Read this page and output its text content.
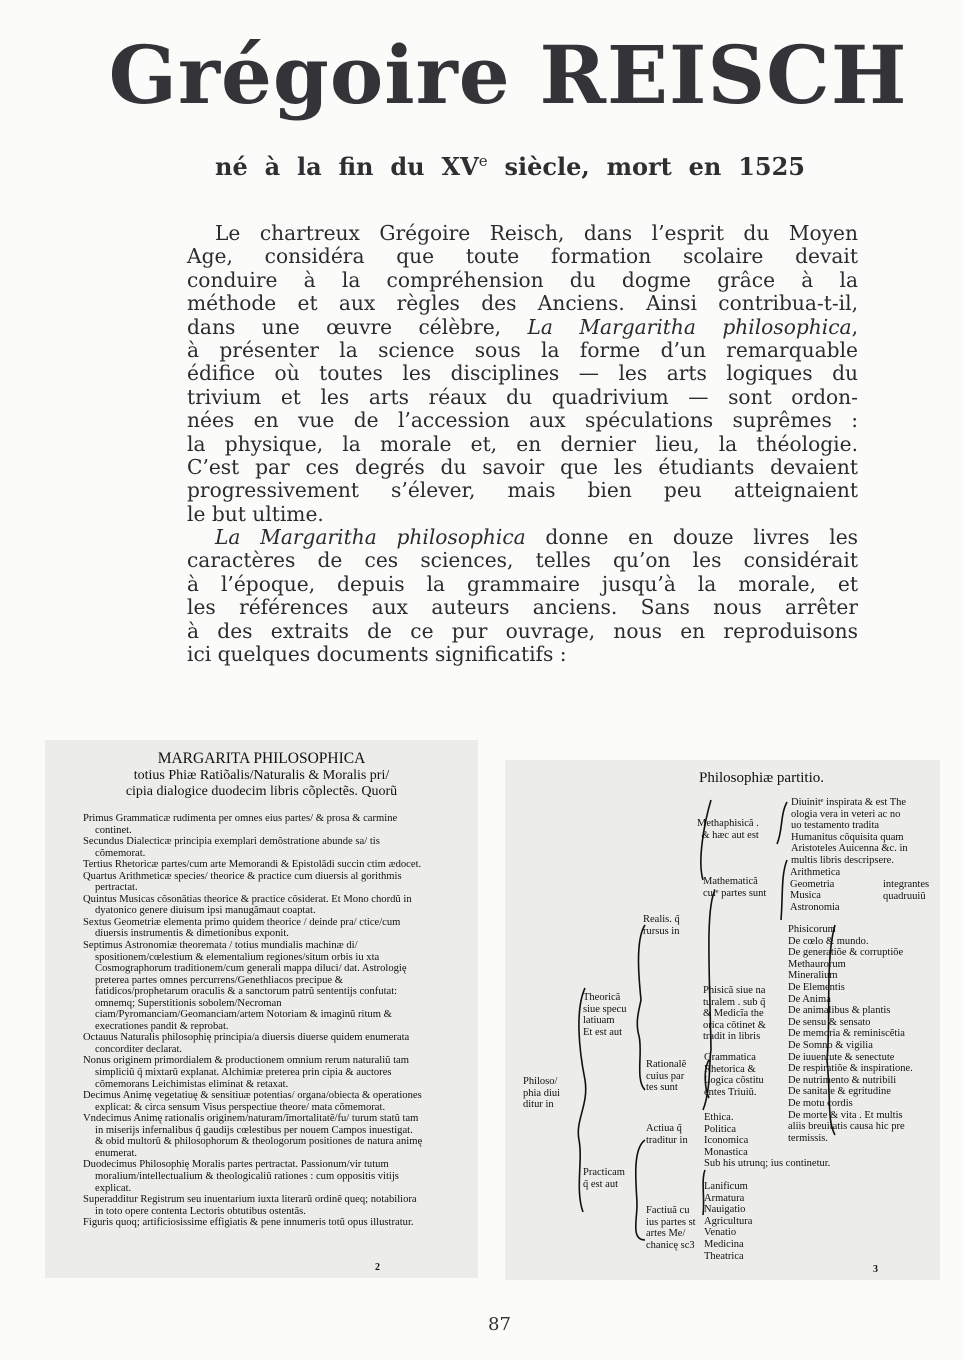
Grégoire REISCH
né à la fin du XVe siècle, mort en 1525
Le chartreux Grégoire Reisch, dans l’esprit du Moyen
Age, considéra que toute formation scolaire devait
conduire à la compréhension du dogme grâce à la
méthode et aux règles des Anciens. Ainsi contribua-t-il,
dans une œuvre célèbre, La Margaritha philosophica,
à présenter la science sous la forme d’un remarquable
édifice où toutes les disciplines — les arts logiques du
trivium et les arts réaux du quadrivium — sont ordon-
nées en vue de l’accession aux spéculations suprêmes :
la physique, la morale et, en dernier lieu, la théologie.
C’est par ces degrés du savoir que les étudiants devaient
progressivement s’élever, mais bien peu atteignaient
le but ultime.
La Margaritha philosophica donne en douze livres les
caractères de ces sciences, telles qu’on les considérait
à l’époque, depuis la grammaire jusqu’à la morale, et
les références aux auteurs anciens. Sans nous arrêter
à des extraits de ce pur ouvrage, nous en reproduisons
ici quelques documents significatifs :
MARGARITA PHILOSOPHICA
totius Phiæ Ratiõalis/Naturalis & Moralis pri/
cipia dialogice duodecim libris cõplectẽs. Quorũ
Primus Grammaticæ rudimenta per omnes eius partes/ & prosa & carmine continet.
Secundus Dialecticæ principia exemplari demõstratione abunde sa/ tis cõmemorat.
Tertius Rhetoricæ partes/cum arte Memorandi & Epistolãdi succin ctim ædocet.
Quartus Arithmeticæ species/ theorice & practice cum diuersis al gorithmis pertractat.
Quintus Musicas cõsonãtias theorice & practice cõsiderat. Et Mono chordũ in dyatonico genere diuisum ipsi manugãmaut coaptat.
Sextus Geometriæ elementa primo quidem theorice / deinde pra/ ctice/cum diuersis instrumentis & dimetionibus exponit.
Septimus Astronomiæ theoremata / totius mundialis machinæ di/ spositionem/cœlestium & elementalium regiones/situm orbis iu xta Cosmographorum traditionem/cum generali mappa diluci/ dat. Astrologię preterea partes omnes percurrens/Genethliacos precipue & fatidicos/prophetarum oraculis & a sanctorum patrũ sententijs confutat: omnemq; Superstitionis sobolem/Necroman ciam/Pyromanciam/Geomanciam/artem Notoriam & imaginũ ritum & execrationes pandit & reprobat.
Octauus Naturalis philosophię principia/a diuersis diuerse quidem enumerata concorditer declarat.
Nonus originem primordialem & productionem omnium rerum naturaliũ tam simpliciũ q̃ mixtarũ explanat. Alchimiæ preterea prin cipia & auctores cõmemorans Leichimistas eliminat & retaxat.
Decimus Animę vegetatiuę & sensitiuæ potentias/ organa/obiecta & operationes explicat: & circa sensum Visus perspectiue theore/ mata cõmemorat.
Vndecimus Animę rationalis originem/naturam/ĩmortalitatẽ/fu/ turum statũ tam in miserijs infernalibus q̃ gaudijs cœlestibus per nouem Campos inuestigat. & obid multorũ & philosophorum & theologorum positiones de natura animę enumerat.
Duodecimus Philosophię Moralis partes pertractat. Passionum/vir tutum moralium/intellectualium & theologicaliũ rationes : cum oppositis vitijs explicat.
Superadditur Registrum seu inuentarium iuxta literarũ ordinẽ queq; notabiliora in toto opere contenta Lectoris obtutibus ostentãs.
Figuris quoq; artificiosissime effigiatis & pene innumeris totũ opus illustratur.
2
Philosophiæ partitio.
Philoso/
phia diui
ditur in
Theoricã
siue specu
latiuam
Et est aut
Practicam
q̃ est aut
Realis. q̃
rursus in
Methaphisicã .
& hæc aut est
Diuinitᵉ inspirata & est The
ologia vera in veteri ac no
uo testamento tradita
Humanitus cõquisita quam
Aristoteles Auicenna &c. in
multis libris descripsere.
Mathematicã
cuiᵉ partes sunt
Arithmetica
Geometria
Musica
Astronomia
integrantes
quadruuiũ
Phisicã siue na
turalem . sub q̃
& Medicĩa the
orica cõtinet &
tradit in libris
Phisicorum
De cœlo & mundo.
De generatiõe & corruptiõe
Methaurorum
Mineralium
De Elementis
De Anima
De animalibus & plantis
De sensu & sensato
De memoria & reminiscẽtia
De Somno & vigilia
De iuuentute & senectute
De respiratiõe & inspiratione.
De nutrimento & nutribili
De sanitate & egritudine
De motu cordis
De morte & vita . Et multis
aliis breuitatis causa hic pre
termissis.
Rationalẽ
cuius par
tes sunt
Grammatica
Rhetorica &
Logica cõstitu
entes Triuiũ.
Actiua q̃
traditur in
Ethica.
Politica
Iconomica
Monastica
Factiuã cu
ius partes st
artes Me/
chanicę sc3
Lanificum
Armatura
Nauigatio
Agricultura
Venatio
Medicina
Theatrica
Sub his utrunq; ius continetur.
3
87
